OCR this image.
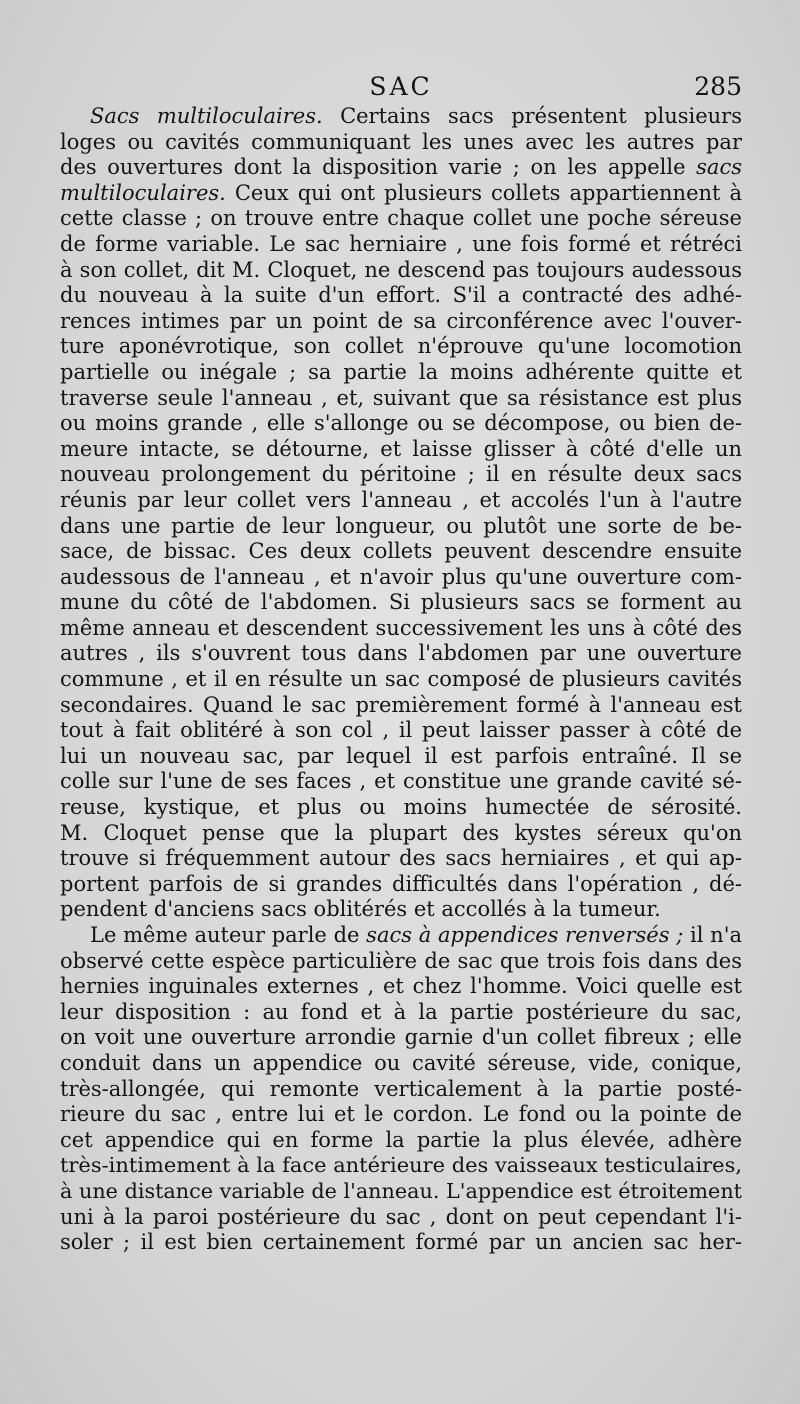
SAC	285
Sacs multiloculaires. Certains sacs présentent plusieurs
loges ou cavités communiquant les unes avec les autres par
des ouvertures dont la disposition varie ; on les appelle sacs
multiloculaires. Ceux qui ont plusieurs collets appartiennent à
cette classe ; on trouve entre chaque collet une poche séreuse
de forme variable. Le sac herniaire , une fois formé et rétréci
à son collet, dit M. Cloquet, ne descend pas toujours audessous
du nouveau à la suite d'un effort. S'il a contracté des adhé-
rences intimes par un point de sa circonférence avec l'ouver-
ture aponévrotique, son collet n'éprouve qu'une locomotion
partielle ou inégale ; sa partie la moins adhérente quitte et
traverse seule l'anneau , et, suivant que sa résistance est plus
ou moins grande , elle s'allonge ou se décompose, ou bien de-
meure intacte, se détourne, et laisse glisser à côté d'elle un
nouveau prolongement du péritoine ; il en résulte deux sacs
réunis par leur collet vers l'anneau , et accolés l'un à l'autre
dans une partie de leur longueur, ou plutôt une sorte de be-
sace, de bissac. Ces deux collets peuvent descendre ensuite
audessous de l'anneau , et n'avoir plus qu'une ouverture com-
mune du côté de l'abdomen. Si plusieurs sacs se forment au
même anneau et descendent successivement les uns à côté des
autres , ils s'ouvrent tous dans l'abdomen par une ouverture
commune , et il en résulte un sac composé de plusieurs cavités
secondaires. Quand le sac premièrement formé à l'anneau est
tout à fait oblitéré à son col , il peut laisser passer à côté de
lui un nouveau sac, par lequel il est parfois entraîné. Il se
colle sur l'une de ses faces , et constitue une grande cavité sé-
reuse, kystique, et plus ou moins humectée de sérosité.
M. Cloquet pense que la plupart des kystes séreux qu'on
trouve si fréquemment autour des sacs herniaires , et qui ap-
portent parfois de si grandes difficultés dans l'opération , dé-
pendent d'anciens sacs oblitérés et accollés à la tumeur.
Le même auteur parle de sacs à appendices renversés ; il n'a
observé cette espèce particulière de sac que trois fois dans des
hernies inguinales externes , et chez l'homme. Voici quelle est
leur disposition : au fond et à la partie postérieure du sac,
on voit une ouverture arrondie garnie d'un collet fibreux ; elle
conduit dans un appendice ou cavité séreuse, vide, conique,
très-allongée, qui remonte verticalement à la partie posté-
rieure du sac , entre lui et le cordon. Le fond ou la pointe de
cet appendice qui en forme la partie la plus élevée, adhère
très-intimement à la face antérieure des vaisseaux testiculaires,
à une distance variable de l'anneau. L'appendice est étroitement
uni à la paroi postérieure du sac , dont on peut cependant l'i-
soler ; il est bien certainement formé par un ancien sac her-
